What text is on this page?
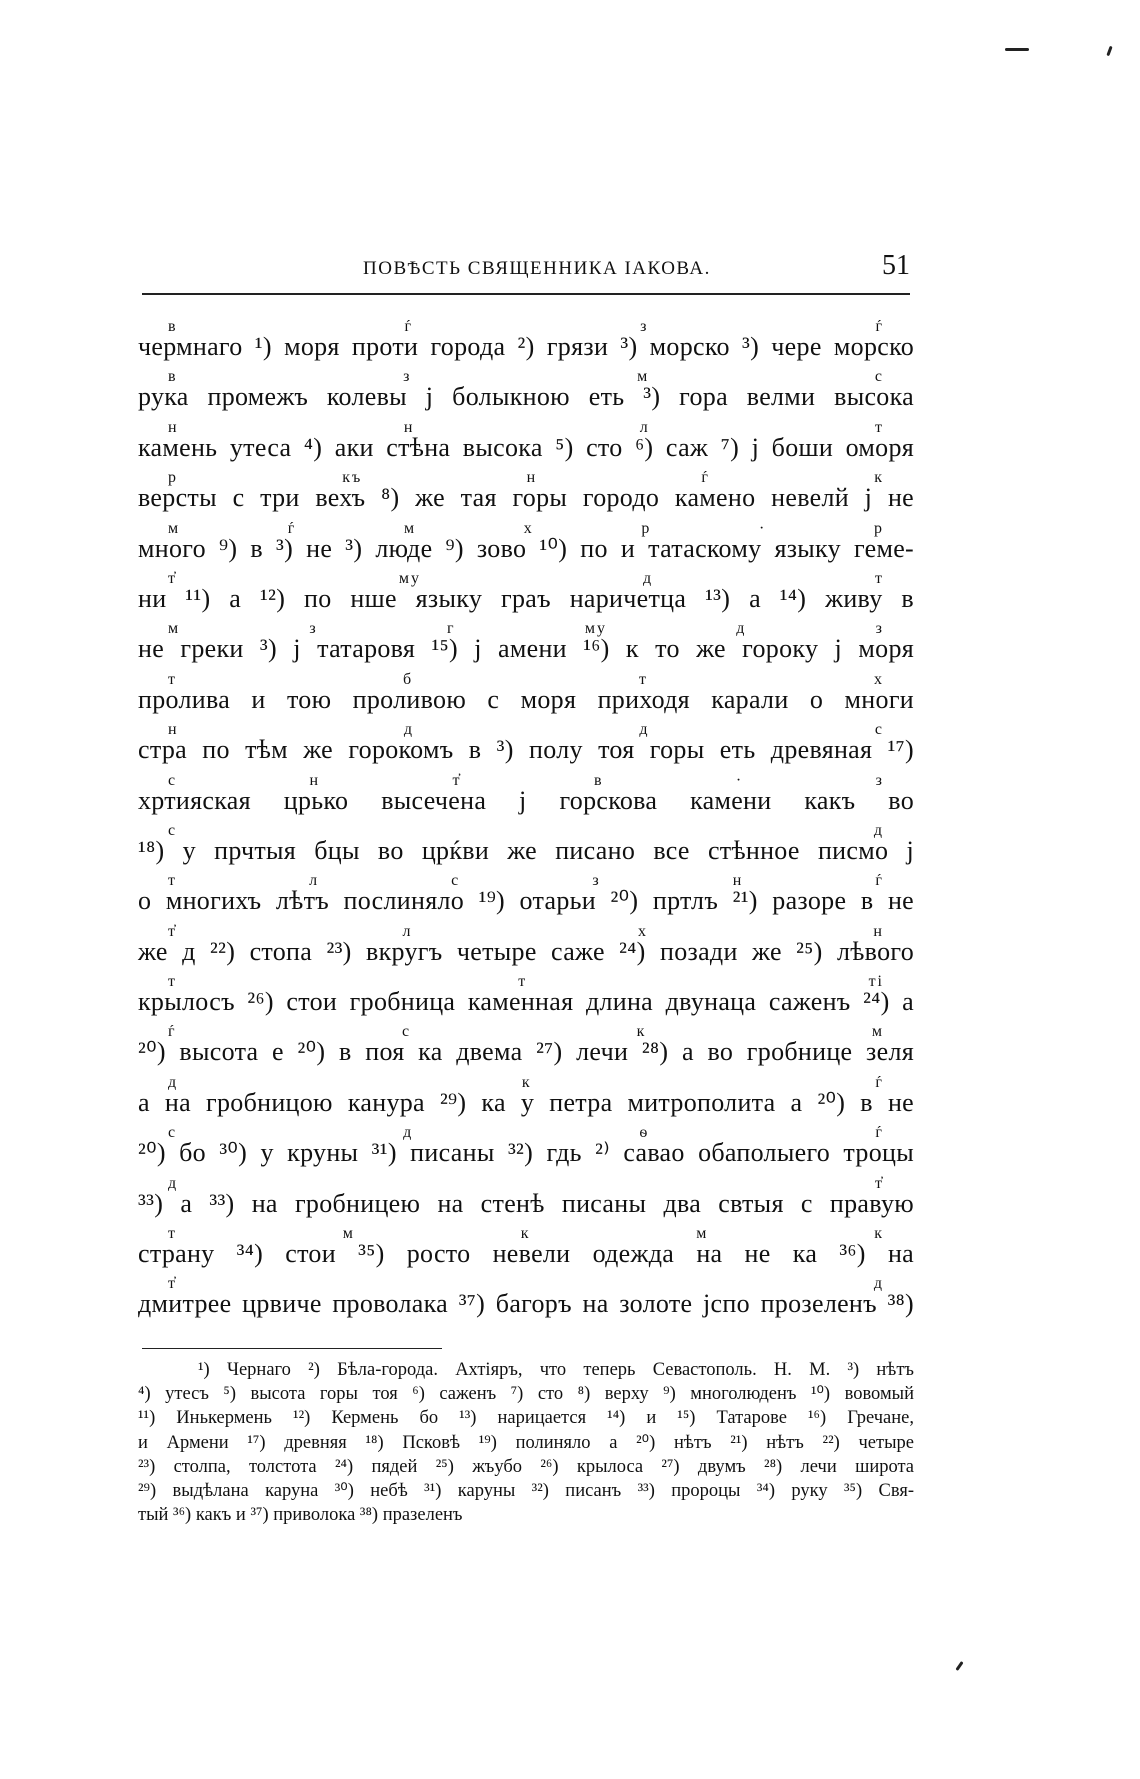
ПОВѢСТЬ СВЯЩЕННИКА ІАКОВА.	51
в ѓ з ѓ
чермнаго ¹) моря проти города ²) грязи ³) морско ³) чере морско
в з м с
рука промежъ колевы ј болыкною еть ³) гора велми высока
н н л т
камень утеса ⁴) аки стѣна высока ⁵) сто ⁶) саж ⁷) ј боши оморя
р къ н ѓ к
версты с три вехъ ⁸) же тая горы городо камено невелй ј не
м ѓ м х р · р
много ⁹) в ³) не ³) люде ⁹) зово ¹⁰) по и татаскому языку геме-
т҆ му д т
ни ¹¹) а ¹²) по нше языку граъ наричетца ¹³) а ¹⁴) живу в
м з г му д з
не греки ³) ј татаровя ¹⁵) ј амени ¹⁶) к то же гороку ј моря
т б т х
пролива и тою проливою с моря приходя карали о многи
н д д с
стра по тѣм же горокомъ в ³) полу тоя горы еть древяная ¹⁷)
с н т҆ в · з
хртияская црько высечена ј горскова камени какъ во
с д
¹⁸) у прчтыя бцы во црќви же писано все стѣнное писмо ј
т л с з н ѓ
о многихъ лѣтъ послиняло ¹⁹) отарьи ²⁰) пртлъ ²¹) разоре в не
т҆ л х н
же д ²²) стопа ²³) вкругъ четыре саже ²⁴) позади же ²⁵) лѣвого
т т ті
крылосъ ²⁶) стои гробница каменная длина двунаца саженъ ²⁴) а
ѓ с к м
²⁰) высота е ²⁰) в поя ка двема ²⁷) лечи ²⁸) а во гробнице зеля
д к ѓ
а на гробницою канура ²⁹) ка у петра митрополита а ²⁰) в не
с д ѳ ѓ
²⁰) бо ³⁰) у круны ³¹) писаны ³²) гдь ²⁾ савао обаполыего троцы
д т҆
³³) а ³³) на гробницею на стенѣ писаны два свтыя с правую
т м к м к
страну ³⁴) стои ³⁵) росто невели одежда на не ка ³⁶) на
т҆ д
дмитрее црвиче проволака ³⁷) багоръ на золоте јспо прозеленъ ³⁸)
¹) Чернаго ²) Бѣла-города. Ахтіяръ, что теперь Севастополь. Н. М. ³) нѣтъ
⁴) утесъ ⁵) высота горы тоя ⁶) саженъ ⁷) сто ⁸) верху ⁹) многолюденъ ¹⁰) вовомый
¹¹) Инькермень ¹²) Кермень бо ¹³) нарицается ¹⁴) и ¹⁵) Татарове ¹⁶) Гречане,
и Армени ¹⁷) древняя ¹⁸) Псковѣ ¹⁹) полиняло а ²⁰) нѣтъ ²¹) нѣтъ ²²) четыре
²³) столпа, толстота ²⁴) пядей ²⁵) жъубо ²⁶) крылоса ²⁷) двумъ ²⁸) лечи широта
²⁹) выдѣлана каруна ³⁰) небѣ ³¹) каруны ³²) писанъ ³³) пророцы ³⁴) руку ³⁵) Свя-
тый ³⁶) какъ и ³⁷) приволока ³⁸) празеленъ
